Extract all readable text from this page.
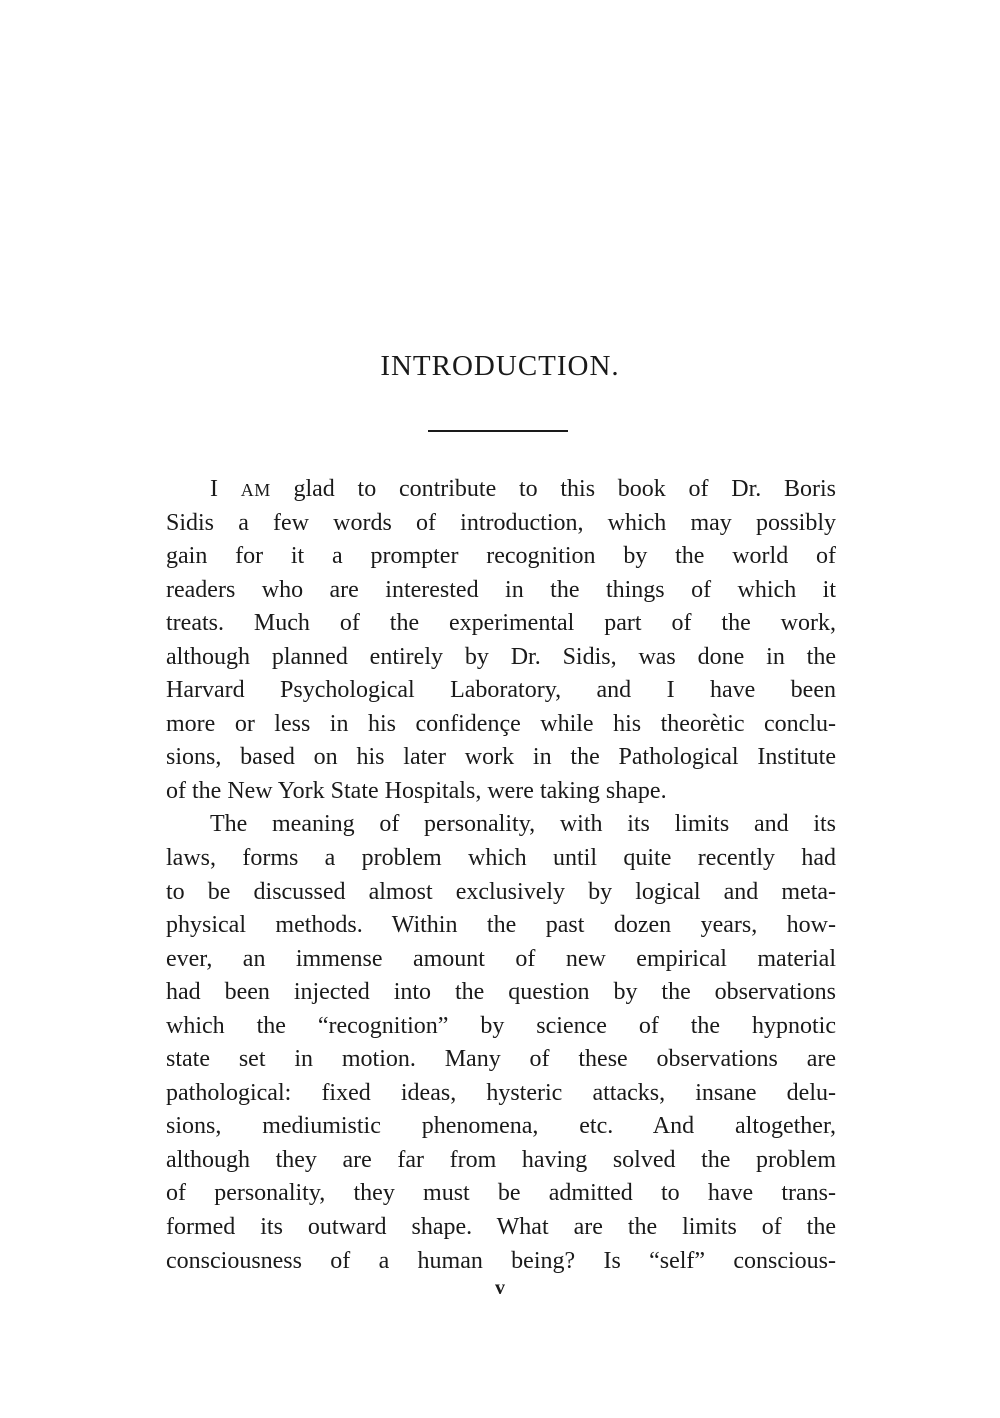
INTRODUCTION.
I AM glad to contribute to this book of Dr. Boris
Sidis a few words of introduction, which may possibly
gain for it a prompter recognition by the world of
readers who are interested in the things of which it
treats. Much of the experimental part of the work,
although planned entirely by Dr. Sidis, was done in the
Harvard Psychological Laboratory, and I have been
more or less in his confidençe while his theorètic conclu-
sions, based on his later work in the Pathological Institute
of the New York State Hospitals, were taking shape.
The meaning of personality, with its limits and its
laws, forms a problem which until quite recently had
to be discussed almost exclusively by logical and meta-
physical methods. Within the past dozen years, how-
ever, an immense amount of new empirical material
had been injected into the question by the observations
which the “recognition” by science of the hypnotic
state set in motion. Many of these observations are
pathological: fixed ideas, hysteric attacks, insane delu-
sions, mediumistic phenomena, etc. And altogether,
although they are far from having solved the problem
of personality, they must be admitted to have trans-
formed its outward shape. What are the limits of the
consciousness of a human being? Is “self” conscious-
v
